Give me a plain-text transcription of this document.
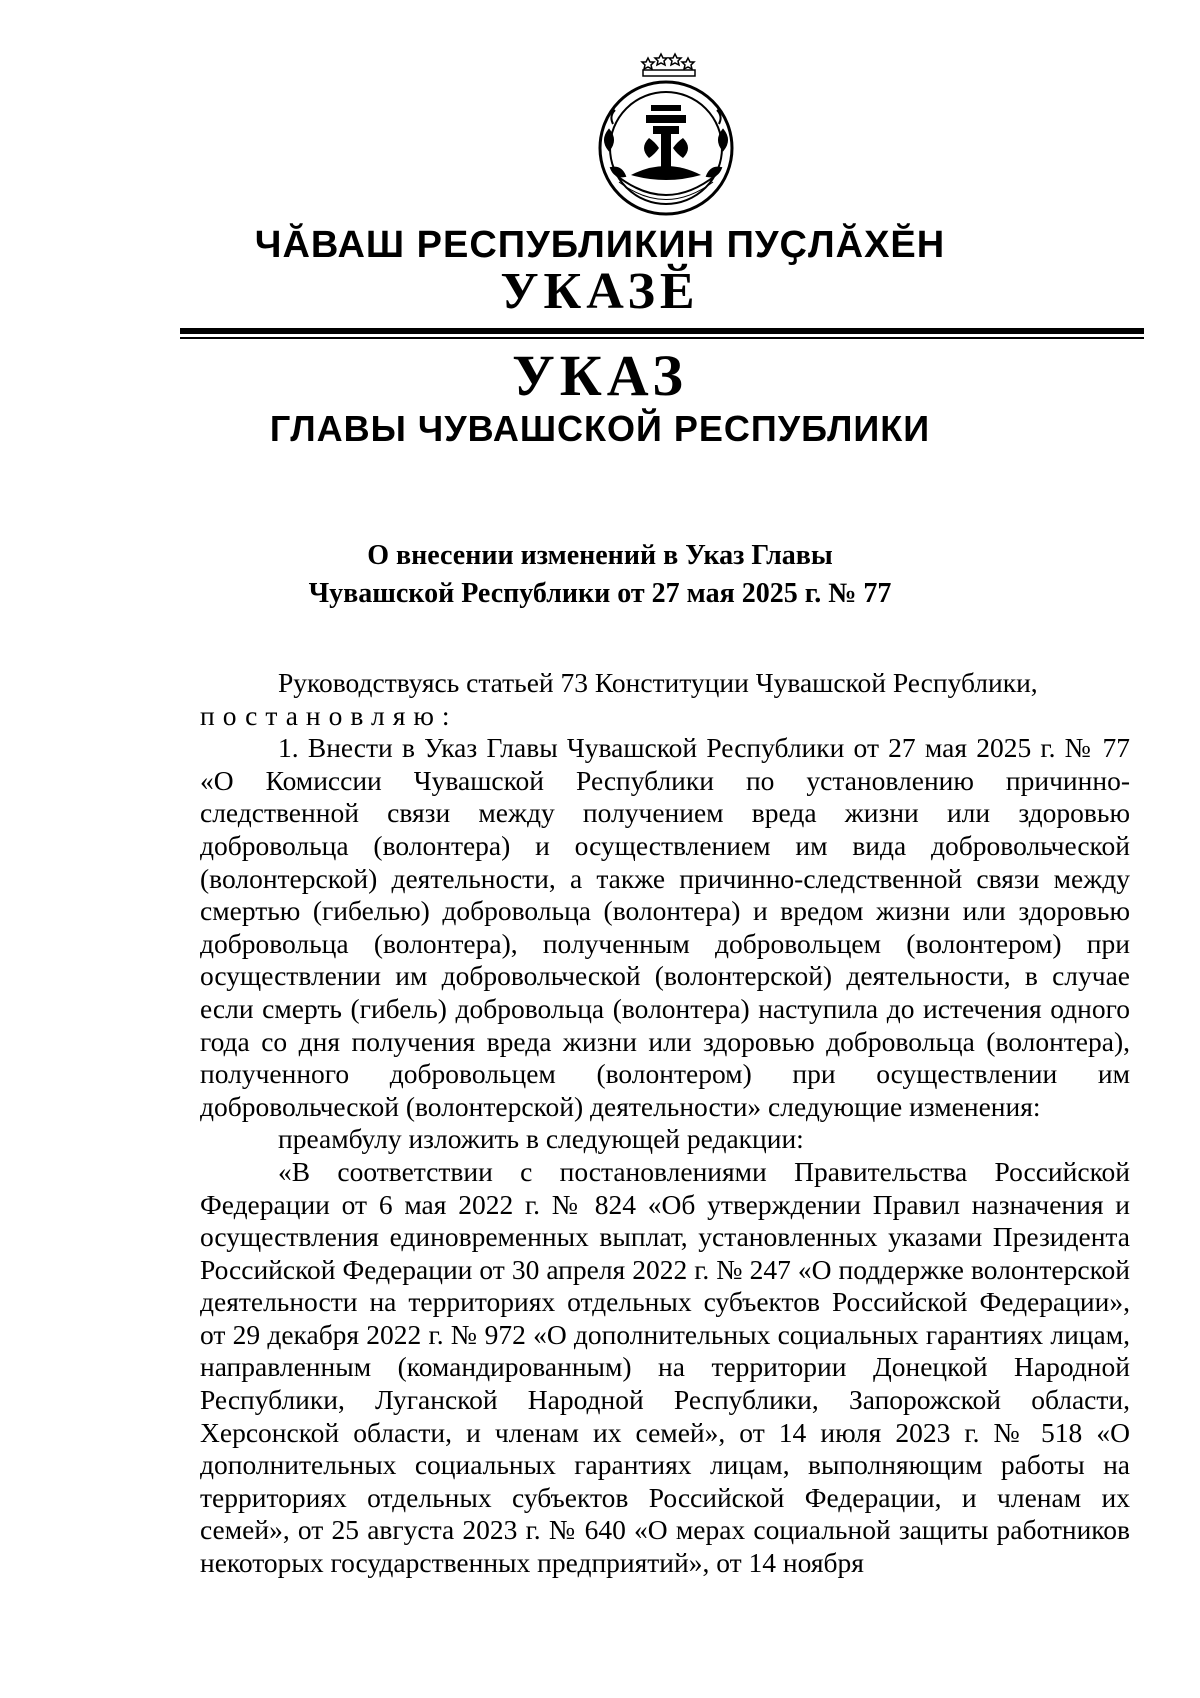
ЧӐВАШ РЕСПУБЛИКИН ПУҪЛӐХӖН
УКАЗӖ
УКАЗ
ГЛАВЫ ЧУВАШСКОЙ РЕСПУБЛИКИ
О внесении изменений в Указ Главы
Чувашской Республики от 27 мая 2025 г. № 77

Руководствуясь статьей 73 Конституции Чувашской Республики,

постановляю:

1. Внести в Указ Главы Чувашской Республики от 27 мая 2025 г. № 77 «О Комиссии Чувашской Республики по установлению причинно-следственной связи между получением вреда жизни или здоровью добровольца (волонтера) и осуществлением им вида добровольческой (волонтерской) деятельности, а также причинно-следственной связи между смертью (гибелью) добровольца (волонтера) и вредом жизни или здоровью добровольца (волонтера), полученным добровольцем (волонтером) при осуществлении им добровольческой (волонтерской) деятельности, в случае если смерть (гибель) добровольца (волонтера) наступила до истечения одного года со дня получения вреда жизни или здоровью добровольца (волонтера), полученного добровольцем (волонтером) при осуществлении им добровольческой (волонтерской) деятельности» следующие изменения:

преамбулу изложить в следующей редакции:

«В соответствии с постановлениями Правительства Российской Федерации от 6 мая 2022 г. № 824 «Об утверждении Правил назначения и осуществления единовременных выплат, установленных указами Президента Российской Федерации от 30 апреля 2022 г. № 247 «О поддержке волонтерской деятельности на территориях отдельных субъектов Российской Федерации», от 29 декабря 2022 г. № 972 «О дополнительных социальных гарантиях лицам, направленным (командированным) на территории Донецкой Народной Республики, Луганской Народной Республики, Запорожской области, Херсонской области, и членам их семей», от 14 июля 2023 г. № 518 «О дополнительных социальных гарантиях лицам, выполняющим работы на территориях отдельных субъектов Российской Федерации, и членам их семей», от 25 августа 2023 г. № 640 «О мерах социальной защиты работников некоторых государственных предприятий», от 14 ноября
